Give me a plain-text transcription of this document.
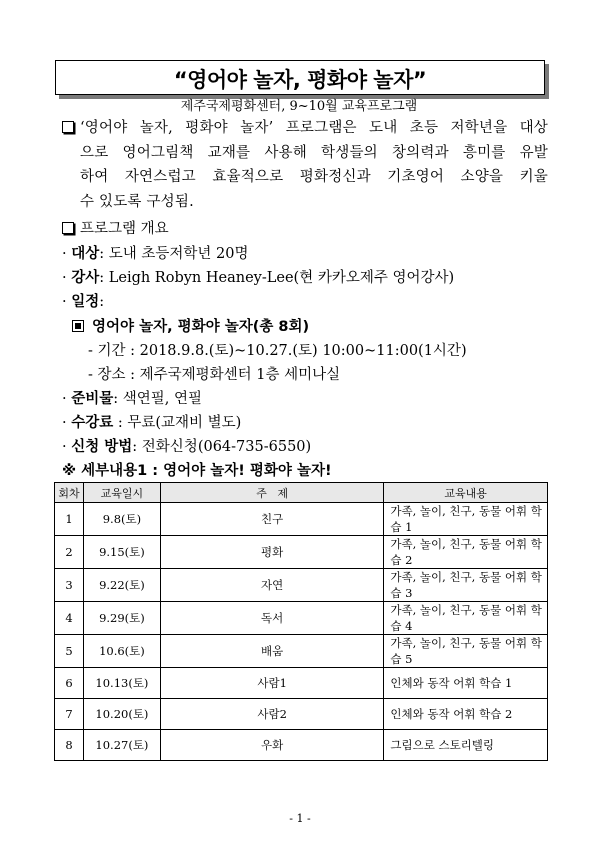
“영어야 놀자, 평화야 놀자”
제주국제평화센터, 9~10월 교육프로그램
‘영어야 놀자, 평화야 놀자’ 프로그램은 도내 초등 저학년을 대상
으로 영어그림책 교재를 사용해 학생들의 창의력과 흥미를 유발
하여 자연스럽고 효율적으로 평화정신과 기초영어 소양을 키울
수 있도록 구성됨.
프로그램 개요
· 대상: 도내 초등저학년 20명
· 강사: Leigh Robyn Heaney-Lee(현 카카오제주 영어강사)
· 일정:
영어야 놀자, 평화야 놀자(총 8회)
- 기간 : 2018.9.8.(토)~10.27.(토) 10:00~11:00(1시간)
- 장소 : 제주국제평화센터 1층 세미나실
· 준비물: 색연필, 연필
· 수강료 : 무료(교재비 별도)
· 신청 방법: 전화신청(064-735-6550)
※ 세부내용1 : 영어야 놀자! 평화야 놀자!
회차	교육일시	주   제	교육내용
1	9.8(토)	친구	가족, 놀이, 친구, 동물 어휘 학습 1
2	9.15(토)	평화	가족, 놀이, 친구, 동물 어휘 학습 2
3	9.22(토)	자연	가족, 놀이, 친구, 동물 어휘 학습 3
4	9.29(토)	독서	가족, 놀이, 친구, 동물 어휘 학습 4
5	10.6(토)	배움	가족, 놀이, 친구, 동물 어휘 학습 5
6	10.13(토)	사람1	인체와 동작 어휘 학습 1
7	10.20(토)	사람2	인체와 동작 어휘 학습 2
8	10.27(토)	우화	그림으로 스토리텔링
- 1 -
